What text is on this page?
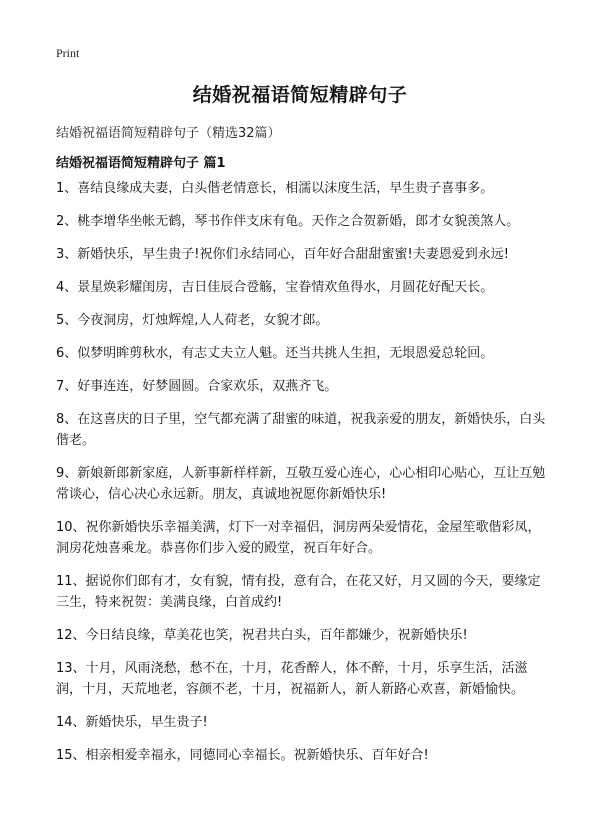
Print
结婚祝福语简短精辟句子
结婚祝福语简短精辟句子（精选32篇）
结婚祝福语简短精辟句子 篇1
1、喜结良缘成夫妻，白头偕老情意长，相濡以沫度生活，早生贵子喜事多。
2、桃李增华坐帐无鹤，琴书作伴支床有龟。天作之合贺新婚，郎才女貌羡煞人。
3、新婚快乐，早生贵子!祝你们永结同心，百年好合甜甜蜜蜜!夫妻恩爱到永远!
4、景星焕彩耀闺房，吉日佳辰合卺觞，宝眷情欢鱼得水，月圆花好配天长。
5、今夜洞房，灯烛辉煌,人人荷老，女貌才郎。
6、似梦明眸剪秋水，有志丈夫立人魁。还当共挑人生担，无垠恩爱总轮回。
7、好事连连，好梦圆圆。合家欢乐，双燕齐飞。
8、在这喜庆的日子里，空气都充满了甜蜜的味道，祝我亲爱的朋友，新婚快乐，白头偕老。
9、新娘新郎新家庭，人新事新样样新，互敬互爱心连心，心心相印心贴心，互让互勉常谈心，信心决心永远新。朋友，真诚地祝愿你新婚快乐!
10、祝你新婚快乐幸福美满，灯下一对幸福侣，洞房两朵爱情花，金屋笙歌偕彩凤，洞房花烛喜乘龙。恭喜你们步入爱的殿堂，祝百年好合。
11、据说你们郎有才，女有貌，情有投，意有合，在花又好，月又圆的今天，要缘定三生，特来祝贺：美满良缘，白首成约!
12、今日结良缘，草美花也笑，祝君共白头，百年都嫌少，祝新婚快乐!
13、十月，风雨浇愁，愁不在，十月，花香醉人，体不醉，十月，乐享生活，活滋润，十月，天荒地老，容颜不老，十月，祝福新人，新人新路心欢喜，新婚愉快。
14、新婚快乐，早生贵子!
15、相亲相爱幸福永，同德同心幸福长。祝新婚快乐、百年好合!
